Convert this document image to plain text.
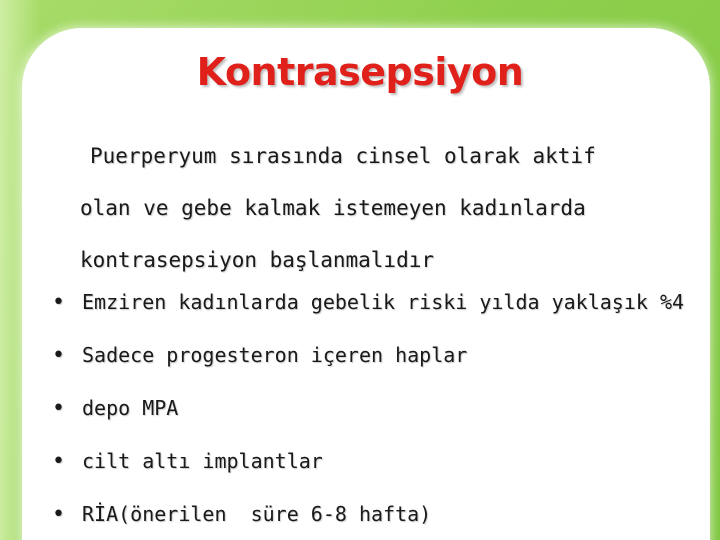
Kontrasepsiyon
Puerperyum sırasında cinsel olarak aktif
olan ve gebe kalmak istemeyen kadınlarda
kontrasepsiyon başlanmalıdır
• Emziren kadınlarda gebelik riski yılda yaklaşık %4
• Sadece progesteron içeren haplar
• depo MPA
• cilt altı implantlar
• RİA(önerilen  süre 6-8 hafta)
